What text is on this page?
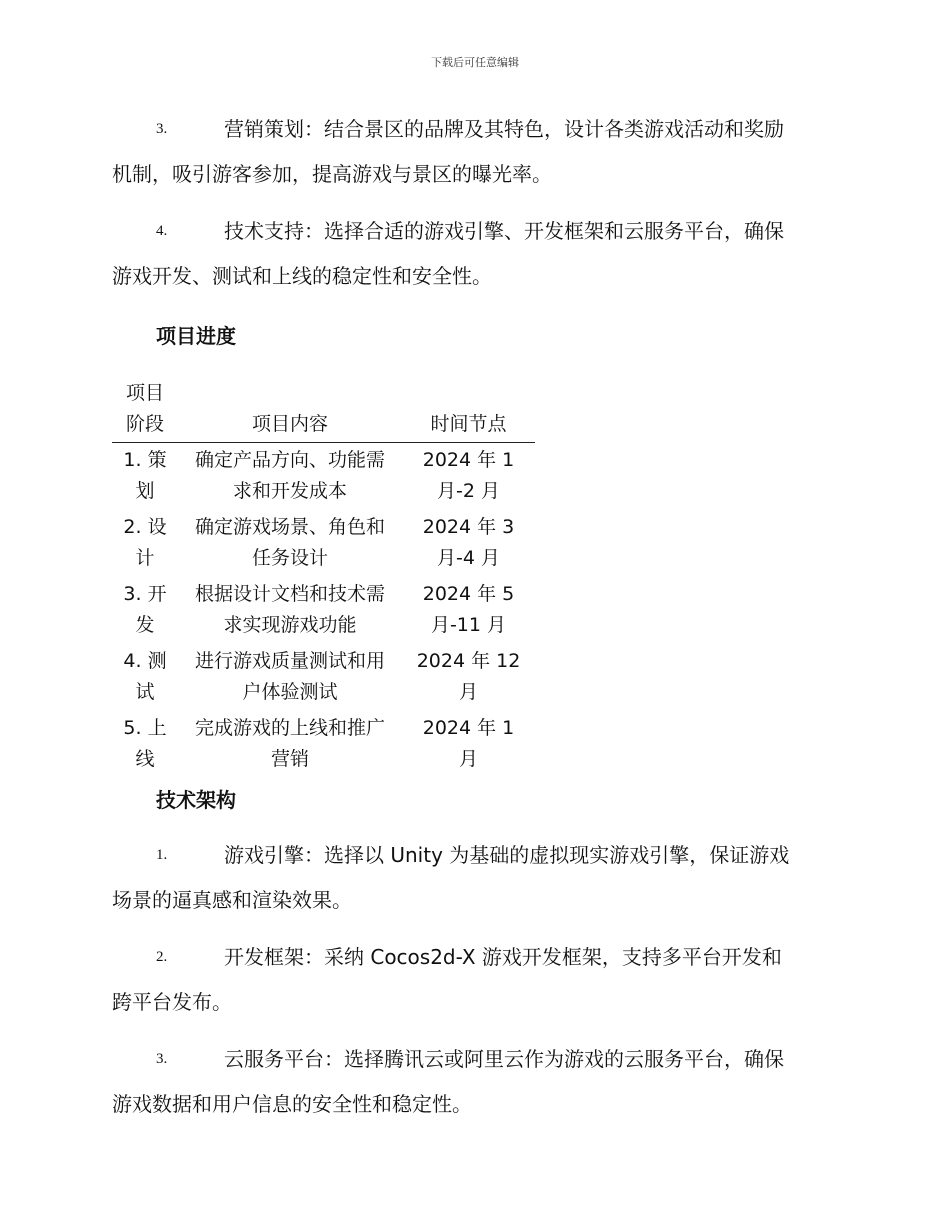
下载后可任意编辑
3.	营销策划：结合景区的品牌及其特色，设计各类游戏活动和奖励
机制，吸引游客参加，提高游戏与景区的曝光率。
4.	技术支持：选择合适的游戏引擎、开发框架和云服务平台，确保
游戏开发、测试和上线的稳定性和安全性。
项目进度
项目阶段	项目内容	时间节点

1. 策划	确定产品方向、功能需求和开发成本	2024 年 1 月-2 月

2. 设计	确定游戏场景、角色和任务设计	2024 年 3 月-4 月

3. 开发	根据设计文档和技术需求实现游戏功能	2024 年 5 月-11 月

4. 测试	进行游戏质量测试和用户体验测试	2024 年 12 月

5. 上线	完成游戏的上线和推广营销	2024 年 1 月
技术架构
1.	游戏引擎：选择以 Unity 为基础的虚拟现实游戏引擎，保证游戏
场景的逼真感和渲染效果。
2.	开发框架：采纳 Cocos2d-X 游戏开发框架，支持多平台开发和
跨平台发布。
3.	云服务平台：选择腾讯云或阿里云作为游戏的云服务平台，确保
游戏数据和用户信息的安全性和稳定性。
